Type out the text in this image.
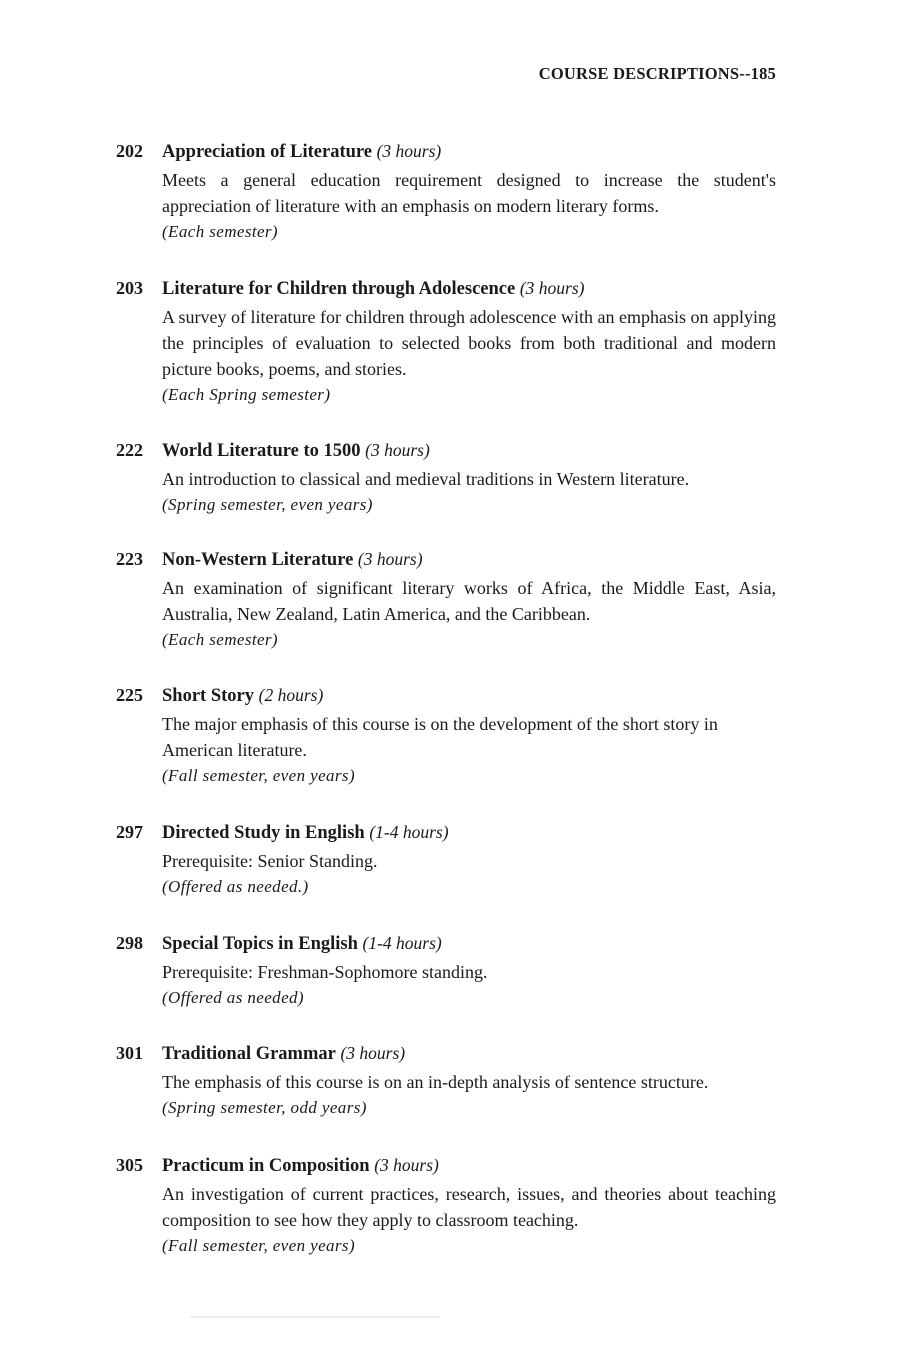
COURSE DESCRIPTIONS--185
202 Appreciation of Literature (3 hours)
Meets a general education requirement designed to increase the student's appreciation of literature with an emphasis on modern literary forms.
(Each semester)
203 Literature for Children through Adolescence (3 hours)
A survey of literature for children through adolescence with an emphasis on applying the principles of evaluation to selected books from both traditional and modern picture books, poems, and stories.
(Each Spring semester)
222 World Literature to 1500 (3 hours)
An introduction to classical and medieval traditions in Western literature.
(Spring semester, even years)
223 Non-Western Literature (3 hours)
An examination of significant literary works of Africa, the Middle East, Asia, Australia, New Zealand, Latin America, and the Caribbean.
(Each semester)
225 Short Story (2 hours)
The major emphasis of this course is on the development of the short story in American literature.
(Fall semester, even years)
297 Directed Study in English (1-4 hours)
Prerequisite: Senior Standing.
(Offered as needed.)
298 Special Topics in English (1-4 hours)
Prerequisite: Freshman-Sophomore standing.
(Offered as needed)
301 Traditional Grammar (3 hours)
The emphasis of this course is on an in-depth analysis of sentence structure.
(Spring semester, odd years)
305 Practicum in Composition (3 hours)
An investigation of current practices, research, issues, and theories about teaching composition to see how they apply to classroom teaching.
(Fall semester, even years)
